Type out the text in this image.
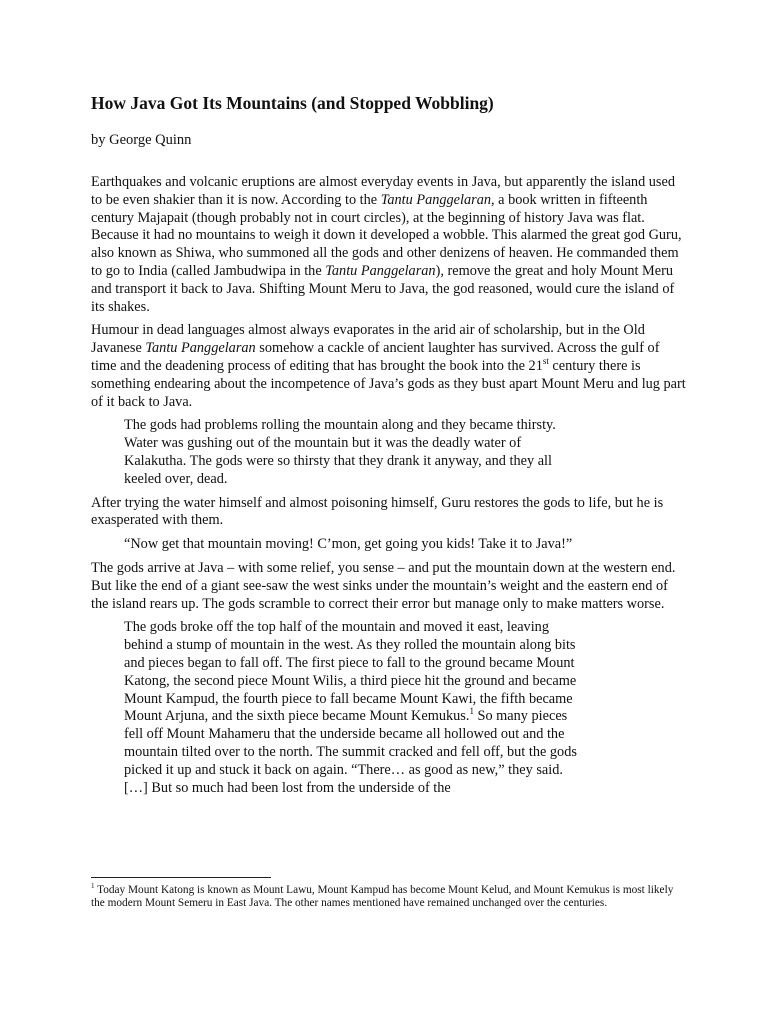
How Java Got Its Mountains (and Stopped Wobbling)

by George Quinn

Earthquakes and volcanic eruptions are almost everyday events in Java, but apparently the island used to be even shakier than it is now. According to the Tantu Panggelaran, a book written in fifteenth century Majapait (though probably not in court circles), at the beginning of history Java was flat. Because it had no mountains to weigh it down it developed a wobble. This alarmed the great god Guru, also known as Shiwa, who summoned all the gods and other denizens of heaven. He commanded them to go to India (called Jambudwipa in the Tantu Panggelaran), remove the great and holy Mount Meru and transport it back to Java. Shifting Mount Meru to Java, the god reasoned, would cure the island of its shakes.

Humour in dead languages almost always evaporates in the arid air of scholarship, but in the Old Javanese Tantu Panggelaran somehow a cackle of ancient laughter has survived. Across the gulf of time and the deadening process of editing that has brought the book into the 21st century there is something endearing about the incompetence of Java’s gods as they bust apart Mount Meru and lug part of it back to Java.

The gods had problems rolling the mountain along and they became thirsty. Water was gushing out of the mountain but it was the deadly water of Kalakutha. The gods were so thirsty that they drank it anyway, and they all keeled over, dead.

After trying the water himself and almost poisoning himself, Guru restores the gods to life, but he is exasperated with them.

“Now get that mountain moving! C’mon, get going you kids! Take it to Java!”

The gods arrive at Java – with some relief, you sense – and put the mountain down at the western end. But like the end of a giant see-saw the west sinks under the mountain’s weight and the eastern end of the island rears up. The gods scramble to correct their error but manage only to make matters worse.

The gods broke off the top half of the mountain and moved it east, leaving behind a stump of mountain in the west. As they rolled the mountain along bits and pieces began to fall off. The first piece to fall to the ground became Mount Katong, the second piece Mount Wilis, a third piece hit the ground and became Mount Kampud, the fourth piece to fall became Mount Kawi, the fifth became Mount Arjuna, and the sixth piece became Mount Kemukus.$^1$ So many pieces fell off Mount Mahameru that the underside became all hollowed out and the mountain tilted over to the north. The summit cracked and fell off, but the gods picked it up and stuck it back on again. “There… as good as new,” they said. […] But so much had been lost from the underside of the

$^1$ Today Mount Katong is known as Mount Lawu, Mount Kampud has become Mount Kelud, and Mount Kemukus is most likely the modern Mount Semeru in East Java. The other names mentioned have remained unchanged over the centuries.
